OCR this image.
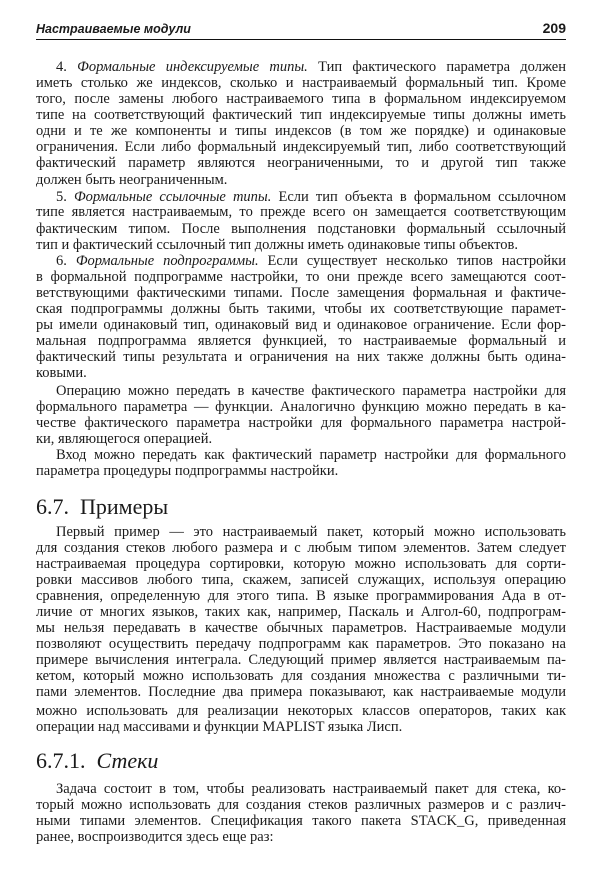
Настраиваемые модули	209
4. Формальные индексируемые типы. Тип фактического параметра должен
иметь столько же индексов, сколько и настраиваемый формальный тип. Кроме
того, после замены любого настраиваемого типа в формальном индексируемом
типе на соответствующий фактический тип индексируемые типы должны иметь
одни и те же компоненты и типы индексов (в том же порядке) и одинаковые
ограничения. Если либо формальный индексируемый тип, либо соответствующий
фактический параметр являются неограниченными, то и другой тип также
должен быть неограниченным.
5. Формальные ссылочные типы. Если тип объекта в формальном ссылочном
типе является настраиваемым, то прежде всего он замещается соответствующим
фактическим типом. После выполнения подстановки формальный ссылочный
тип и фактический ссылочный тип должны иметь одинаковые типы объектов.
6. Формальные подпрограммы. Если существует несколько типов настройки
в формальной подпрограмме настройки, то они прежде всего замещаются соот-
ветствующими фактическими типами. После замещения формальная и фактиче-
ская подпрограммы должны быть такими, чтобы их соответствующие парамет-
ры имели одинаковый тип, одинаковый вид и одинаковое ограничение. Если фор-
мальная подпрограмма является функцией, то настраиваемые формальный и
фактический типы результата и ограничения на них также должны быть одина-
ковыми.
Операцию можно передать в качестве фактического параметра настройки для
формального параметра — функции. Аналогично функцию можно передать в ка-
честве фактического параметра настройки для формального параметра настрой-
ки, являющегося операцией.
Вход можно передать как фактический параметр настройки для формального
параметра процедуры подпрограммы настройки.
6.7. Примеры
Первый пример — это настраиваемый пакет, который можно использовать
для создания стеков любого размера и с любым типом элементов. Затем следует
настраиваемая процедура сортировки, которую можно использовать для сорти-
ровки массивов любого типа, скажем, записей служащих, используя операцию
сравнения, определенную для этого типа. В языке программирования Ада в от-
личие от многих языков, таких как, например, Паскаль и Алгол-60, подпрограм-
мы нельзя передавать в качестве обычных параметров. Настраиваемые модули
позволяют осуществить передачу подпрограмм как параметров. Это показано на
примере вычисления интеграла. Следующий пример является настраиваемым па-
кетом, который можно использовать для создания множества с различными ти-
пами элементов. Последние два примера показывают, как настраиваемые модули
можно использовать для реализации некоторых классов операторов, таких как
операции над массивами и функции MAPLIST языка Лисп.
6.7.1. Стеки
Задача состоит в том, чтобы реализовать настраиваемый пакет для стека, ко-
торый можно использовать для создания стеков различных размеров и с различ-
ными типами элементов. Спецификация такого пакета STACK_G, приведенная
ранее, воспроизводится здесь еще раз:
